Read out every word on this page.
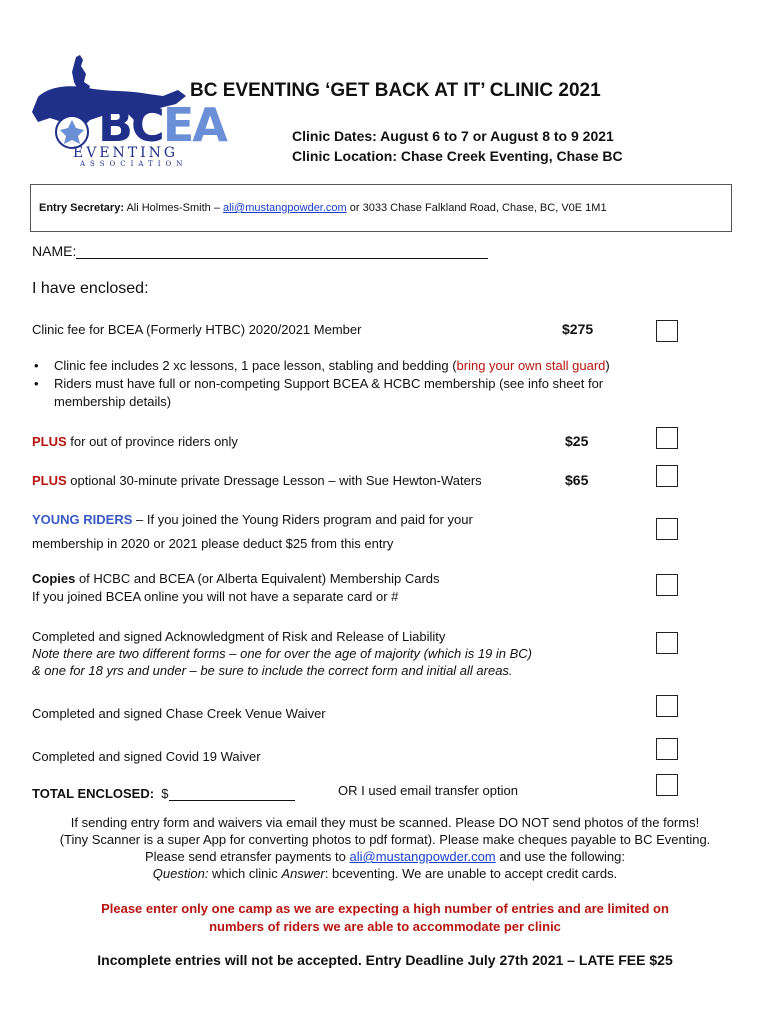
BCEA
EVENTING
ASSOCIATION
BC EVENTING ‘GET BACK AT IT’ CLINIC 2021
Clinic Dates: August 6 to 7 or August 8 to 9 2021
Clinic Location: Chase Creek Eventing, Chase BC
Entry Secretary: Ali Holmes-Smith – ali@mustangpowder.com or 3033 Chase Falkland Road, Chase, BC, V0E 1M1
NAME:
I have enclosed:
Clinic fee for BCEA (Formerly HTBC) 2020/2021 Member	$275
• Clinic fee includes 2 xc lessons, 1 pace lesson, stabling and bedding (bring your own stall guard)
• Riders must have full or non-competing Support BCEA & HCBC membership (see info sheet for
membership details)
PLUS for out of province riders only	$25
PLUS optional 30-minute private Dressage Lesson – with Sue Hewton-Waters	$65
YOUNG RIDERS – If you joined the Young Riders program and paid for your
membership in 2020 or 2021 please deduct $25 from this entry
Copies of HCBC and BCEA (or Alberta Equivalent) Membership Cards
If you joined BCEA online you will not have a separate card or #
Completed and signed Acknowledgment of Risk and Release of Liability
Note there are two different forms – one for over the age of majority (which is 19 in BC)
& one for 18 yrs and under – be sure to include the correct form and initial all areas.
Completed and signed Chase Creek Venue Waiver
Completed and signed Covid 19 Waiver
TOTAL ENCLOSED: $	OR I used email transfer option
If sending entry form and waivers via email they must be scanned. Please DO NOT send photos of the forms!
(Tiny Scanner is a super App for converting photos to pdf format). Please make cheques payable to BC Eventing.
Please send etransfer payments to ali@mustangpowder.com and use the following:
Question: which clinic Answer: bceventing. We are unable to accept credit cards.
Please enter only one camp as we are expecting a high number of entries and are limited on
numbers of riders we are able to accommodate per clinic
Incomplete entries will not be accepted. Entry Deadline July 27th 2021 – LATE FEE $25
